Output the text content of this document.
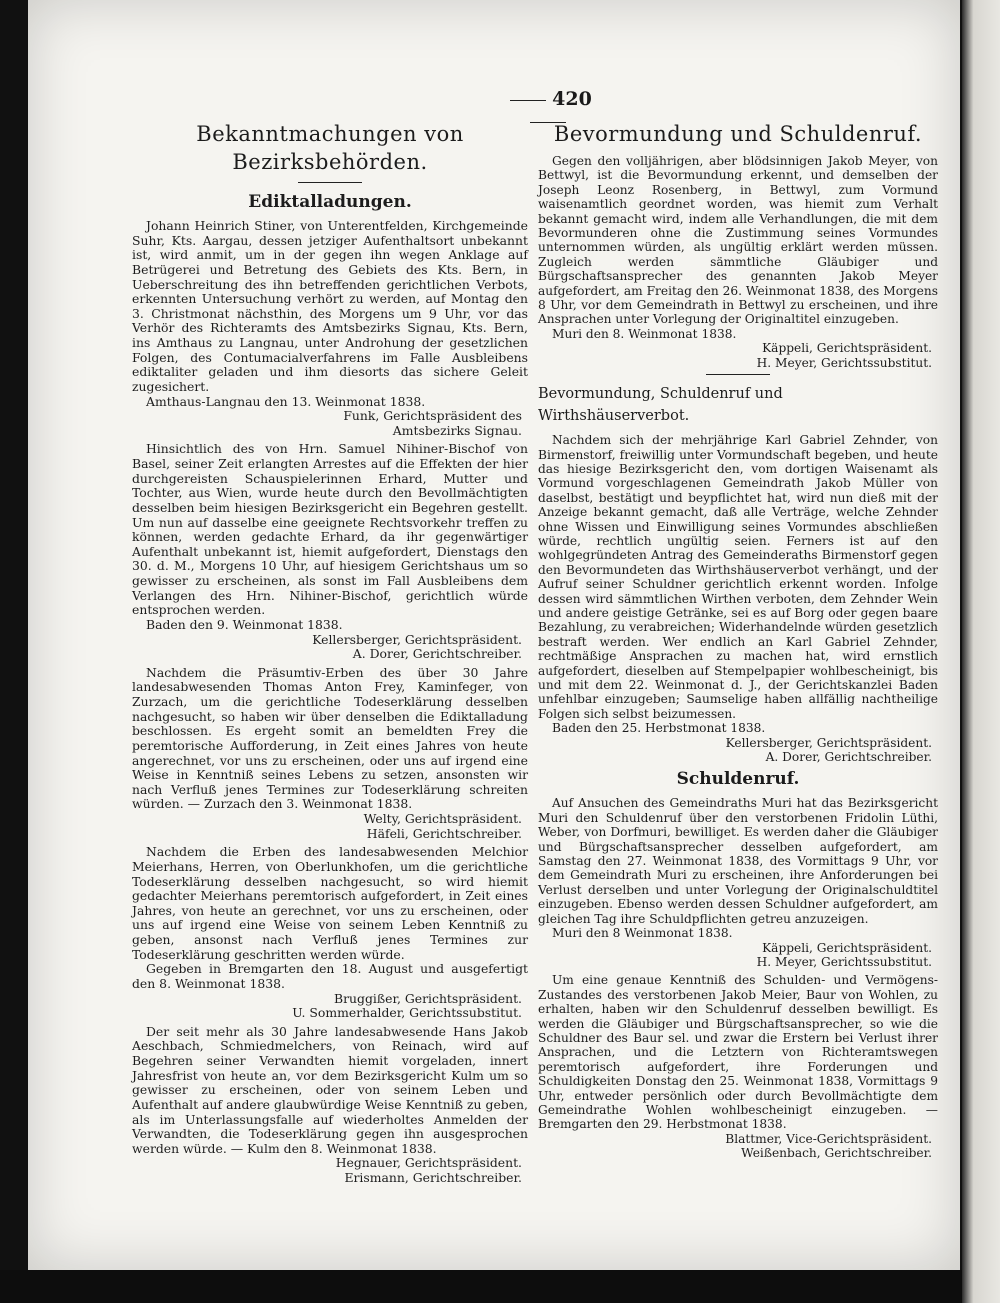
420
Bekanntmachungen von Bezirksbehörden.
Ediktalladungen.
Johann Heinrich Stiner, von Unterentfelden, Kirchgemeinde Suhr, Kts. Aargau, dessen jetziger Aufenthaltsort unbekannt ist, wird anmit, um in der gegen ihn wegen Anklage auf Betrügerei und Betretung des Gebiets des Kts. Bern, in Ueberschreitung des ihn betreffenden gerichtlichen Verbots, erkennten Untersuchung verhört zu werden, auf Montag den 3. Christmonat nächsthin, des Morgens um 9 Uhr, vor das Verhör des Richteramts des Amtsbezirks Signau, Kts. Bern, ins Amthaus zu Langnau, unter Androhung der gesetzlichen Folgen, des Contumacialverfahrens im Falle Ausbleibens ediktaliter geladen und ihm diesorts das sichere Geleit zugesichert.
Amthaus-Langnau den 13. Weinmonat 1838.
Funk, Gerichtspräsident des
Amtsbezirks Signau.
Hinsichtlich des von Hrn. Samuel Nihiner-Bischof von Basel, seiner Zeit erlangten Arrestes auf die Effekten der hier durchgereisten Schauspielerinnen Erhard, Mutter und Tochter, aus Wien, wurde heute durch den Bevollmächtigten desselben beim hiesigen Bezirksgericht ein Begehren gestellt. Um nun auf dasselbe eine geeignete Rechtsvorkehr treffen zu können, werden gedachte Erhard, da ihr gegenwärtiger Aufenthalt unbekannt ist, hiemit aufgefordert, Dienstags den 30. d. M., Morgens 10 Uhr, auf hiesigem Gerichtshaus um so gewisser zu erscheinen, als sonst im Fall Ausbleibens dem Verlangen des Hrn. Nihiner-Bischof, gerichtlich würde entsprochen werden.
Baden den 9. Weinmonat 1838.
Kellersberger, Gerichtspräsident.
A. Dorer, Gerichtschreiber.
Nachdem die Präsumtiv-Erben des über 30 Jahre landesabwesenden Thomas Anton Frey, Kaminfeger, von Zurzach, um die gerichtliche Todeserklärung desselben nachgesucht, so haben wir über denselben die Ediktalladung beschlossen. Es ergeht somit an bemeldten Frey die peremtorische Aufforderung, in Zeit eines Jahres von heute angerechnet, vor uns zu erscheinen, oder uns auf irgend eine Weise in Kenntniß seines Lebens zu setzen, ansonsten wir nach Verfluß jenes Termines zur Todeserklärung schreiten würden. — Zurzach den 3. Weinmonat 1838.
Welty, Gerichtspräsident.
Häfeli, Gerichtschreiber.
Nachdem die Erben des landesabwesenden Melchior Meierhans, Herren, von Oberlunkhofen, um die gerichtliche Todeserklärung desselben nachgesucht, so wird hiemit gedachter Meierhans peremtorisch aufgefordert, in Zeit eines Jahres, von heute an gerechnet, vor uns zu erscheinen, oder uns auf irgend eine Weise von seinem Leben Kenntniß zu geben, ansonst nach Verfluß jenes Termines zur Todeserklärung geschritten werden würde.
Gegeben in Bremgarten den 18. August und ausgefertigt den 8. Weinmonat 1838.
Bruggißer, Gerichtspräsident.
U. Sommerhalder, Gerichtssubstitut.
Der seit mehr als 30 Jahre landesabwesende Hans Jakob Aeschbach, Schmiedmelchers, von Reinach, wird auf Begehren seiner Verwandten hiemit vorgeladen, innert Jahresfrist von heute an, vor dem Bezirksgericht Kulm um so gewisser zu erscheinen, oder von seinem Leben und Aufenthalt auf andere glaubwürdige Weise Kenntniß zu geben, als im Unterlassungsfalle auf wiederholtes Anmelden der Verwandten, die Todeserklärung gegen ihn ausgesprochen werden würde. — Kulm den 8. Weinmonat 1838.
Hegnauer, Gerichtspräsident.
Erismann, Gerichtschreiber.
Bevormundung und Schuldenruf.
Gegen den volljährigen, aber blödsinnigen Jakob Meyer, von Bettwyl, ist die Bevormundung erkennt, und demselben der Joseph Leonz Rosenberg, in Bettwyl, zum Vormund waisenamtlich geordnet worden, was hiemit zum Verhalt bekannt gemacht wird, indem alle Verhandlungen, die mit dem Bevormunderen ohne die Zustimmung seines Vormundes unternommen würden, als ungültig erklärt werden müssen. Zugleich werden sämmtliche Gläubiger und Bürgschaftsansprecher des genannten Jakob Meyer aufgefordert, am Freitag den 26. Weinmonat 1838, des Morgens 8 Uhr, vor dem Gemeindrath in Bettwyl zu erscheinen, und ihre Ansprachen unter Vorlegung der Originaltitel einzugeben.
Muri den 8. Weinmonat 1838.
Käppeli, Gerichtspräsident.
H. Meyer, Gerichtssubstitut.
Bevormundung, Schuldenruf und Wirthshäuserverbot.
Nachdem sich der mehrjährige Karl Gabriel Zehnder, von Birmenstorf, freiwillig unter Vormundschaft begeben, und heute das hiesige Bezirksgericht den, vom dortigen Waisenamt als Vormund vorgeschlagenen Gemeindrath Jakob Müller von daselbst, bestätigt und beypflichtet hat, wird nun dieß mit der Anzeige bekannt gemacht, daß alle Verträge, welche Zehnder ohne Wissen und Einwilligung seines Vormundes abschließen würde, rechtlich ungültig seien. Ferners ist auf den wohlgegründeten Antrag des Gemeinderaths Birmenstorf gegen den Bevormundeten das Wirthshäuserverbot verhängt, und der Aufruf seiner Schuldner gerichtlich erkennt worden. Infolge dessen wird sämmtlichen Wirthen verboten, dem Zehnder Wein und andere geistige Getränke, sei es auf Borg oder gegen baare Bezahlung, zu verabreichen; Widerhandelnde würden gesetzlich bestraft werden. Wer endlich an Karl Gabriel Zehnder, rechtmäßige Ansprachen zu machen hat, wird ernstlich aufgefordert, dieselben auf Stempelpapier wohlbescheinigt, bis und mit dem 22. Weinmonat d. J., der Gerichtskanzlei Baden unfehlbar einzugeben; Saumselige haben allfällig nachtheilige Folgen sich selbst beizumessen.
Baden den 25. Herbstmonat 1838.
Kellersberger, Gerichtspräsident.
A. Dorer, Gerichtschreiber.
Schuldenruf.
Auf Ansuchen des Gemeindraths Muri hat das Bezirksgericht Muri den Schuldenruf über den verstorbenen Fridolin Lüthi, Weber, von Dorfmuri, bewilliget. Es werden daher die Gläubiger und Bürgschaftsansprecher desselben aufgefordert, am Samstag den 27. Weinmonat 1838, des Vormittags 9 Uhr, vor dem Gemeindrath Muri zu erscheinen, ihre Anforderungen bei Verlust derselben und unter Vorlegung der Originalschuldtitel einzugeben. Ebenso werden dessen Schuldner aufgefordert, am gleichen Tag ihre Schuldpflichten getreu anzuzeigen.
Muri den 8 Weinmonat 1838.
Käppeli, Gerichtspräsident.
H. Meyer, Gerichtssubstitut.
Um eine genaue Kenntniß des Schulden- und Vermögens-Zustandes des verstorbenen Jakob Meier, Baur von Wohlen, zu erhalten, haben wir den Schuldenruf desselben bewilligt. Es werden die Gläubiger und Bürgschaftsansprecher, so wie die Schuldner des Baur sel. und zwar die Erstern bei Verlust ihrer Ansprachen, und die Letztern von Richteramtswegen peremtorisch aufgefordert, ihre Forderungen und Schuldigkeiten Donstag den 25. Weinmonat 1838, Vormittags 9 Uhr, entweder persönlich oder durch Bevollmächtigte dem Gemeindrathe Wohlen wohlbescheinigt einzugeben. — Bremgarten den 29. Herbstmonat 1838.
Blattmer, Vice-Gerichtspräsident.
Weißenbach, Gerichtschreiber.
